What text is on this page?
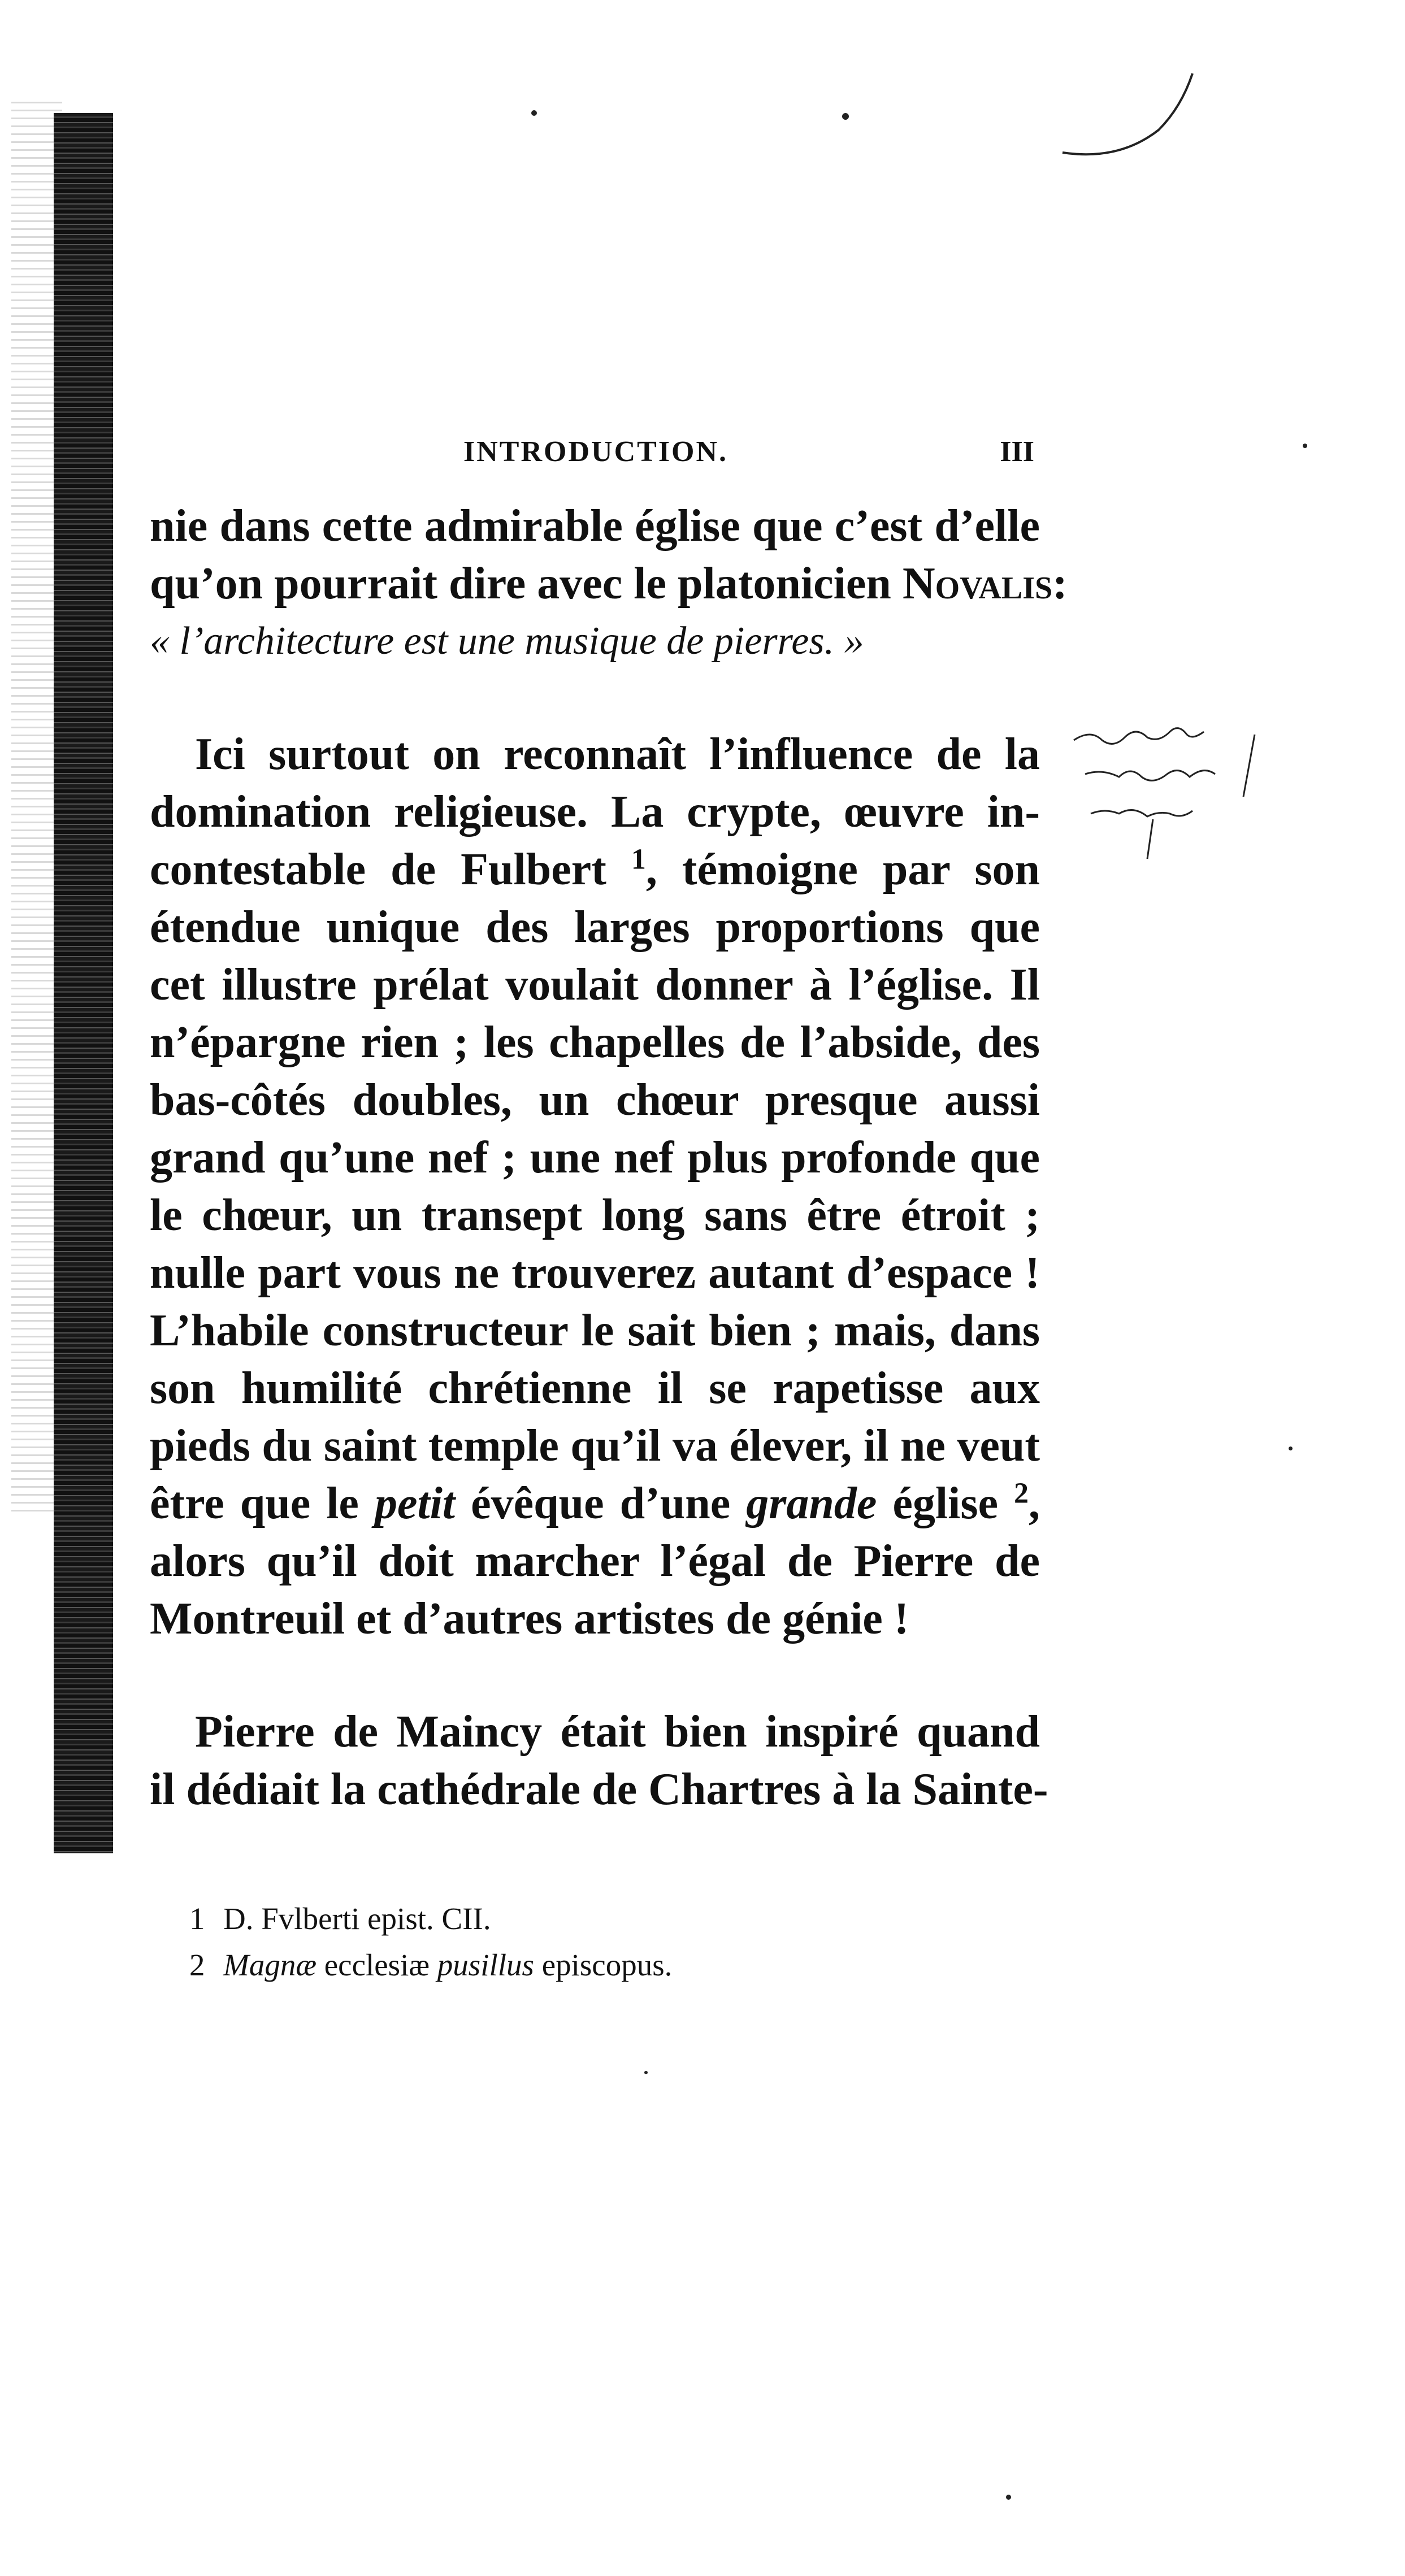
INTRODUCTION.	III
nie dans cette admirable église que c’est d’elle
qu’on pourrait dire avec le platonicien Novalis:
« l’architecture est une musique de pierres. »
Ici surtout on reconnaît l’influence de la
domination religieuse. La crypte, œuvre in-
contestable de Fulbert $^1$, témoigne par son
étendue unique des larges proportions que
cet illustre prélat voulait donner à l’église. Il
n’épargne rien ; les chapelles de l’abside, des
bas-côtés doubles, un chœur presque aussi
grand qu’une nef ; une nef plus profonde que
le chœur, un transept long sans être étroit ;
nulle part vous ne trouverez autant d’espace !
L’habile constructeur le sait bien ; mais, dans
son humilité chrétienne il se rapetisse aux
pieds du saint temple qu’il va élever, il ne veut
être que le petit évêque d’une grande église $^2$,
alors qu’il doit marcher l’égal de Pierre de
Montreuil et d’autres artistes de génie !
Pierre de Maincy était bien inspiré quand
il dédiait la cathédrale de Chartres à la Sainte-
1 D. Fvlberti epist. CII.
2 Magnæ ecclesiæ pusillus episcopus.
